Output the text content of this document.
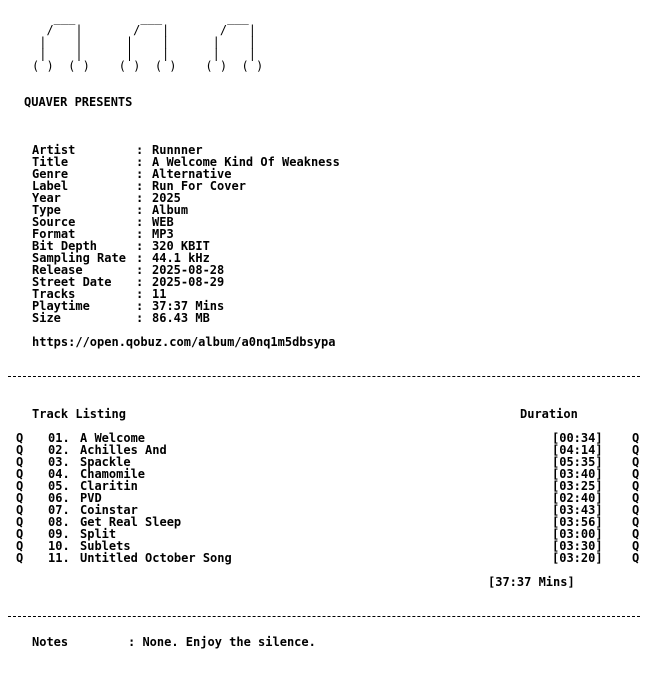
___         ___         ___
/   |       /   |       /   |
|    |      |    |      |    |
|    |      |    |      |    |
( )  ( )    ( )  ( )    ( )  ( )
QUAVER PRESENTS
Artist	: Runnner
Title	: A Welcome Kind Of Weakness
Genre	: Alternative
Label	: Run For Cover
Year	: 2025
Type	: Album
Source	: WEB
Format	: MP3
Bit Depth	: 320 KBIT
Sampling Rate : 44.1 kHz
Release	: 2025-08-28
Street Date : 2025-08-29
Tracks	: 11
Playtime	: 37:37 Mins
Size	: 86.43 MB
https://open.qobuz.com/album/a0nq1m5dbsypa
Track Listing	Duration
Q 01. A Welcome	[00:34] Q
Q 02. Achilles And	[04:14] Q
Q 03. Spackle	[05:35] Q
Q 04. Chamomile	[03:40] Q
Q 05. Claritin	[03:25] Q
Q 06. PVD	[02:40] Q
Q 07. Coinstar	[03:43] Q
Q 08. Get Real Sleep	[03:56] Q
Q 09. Split	[03:00] Q
Q 10. Sublets	[03:30] Q
Q 11. Untitled October Song	[03:20] Q
[37:37 Mins]
Notes	: None. Enjoy the silence.
